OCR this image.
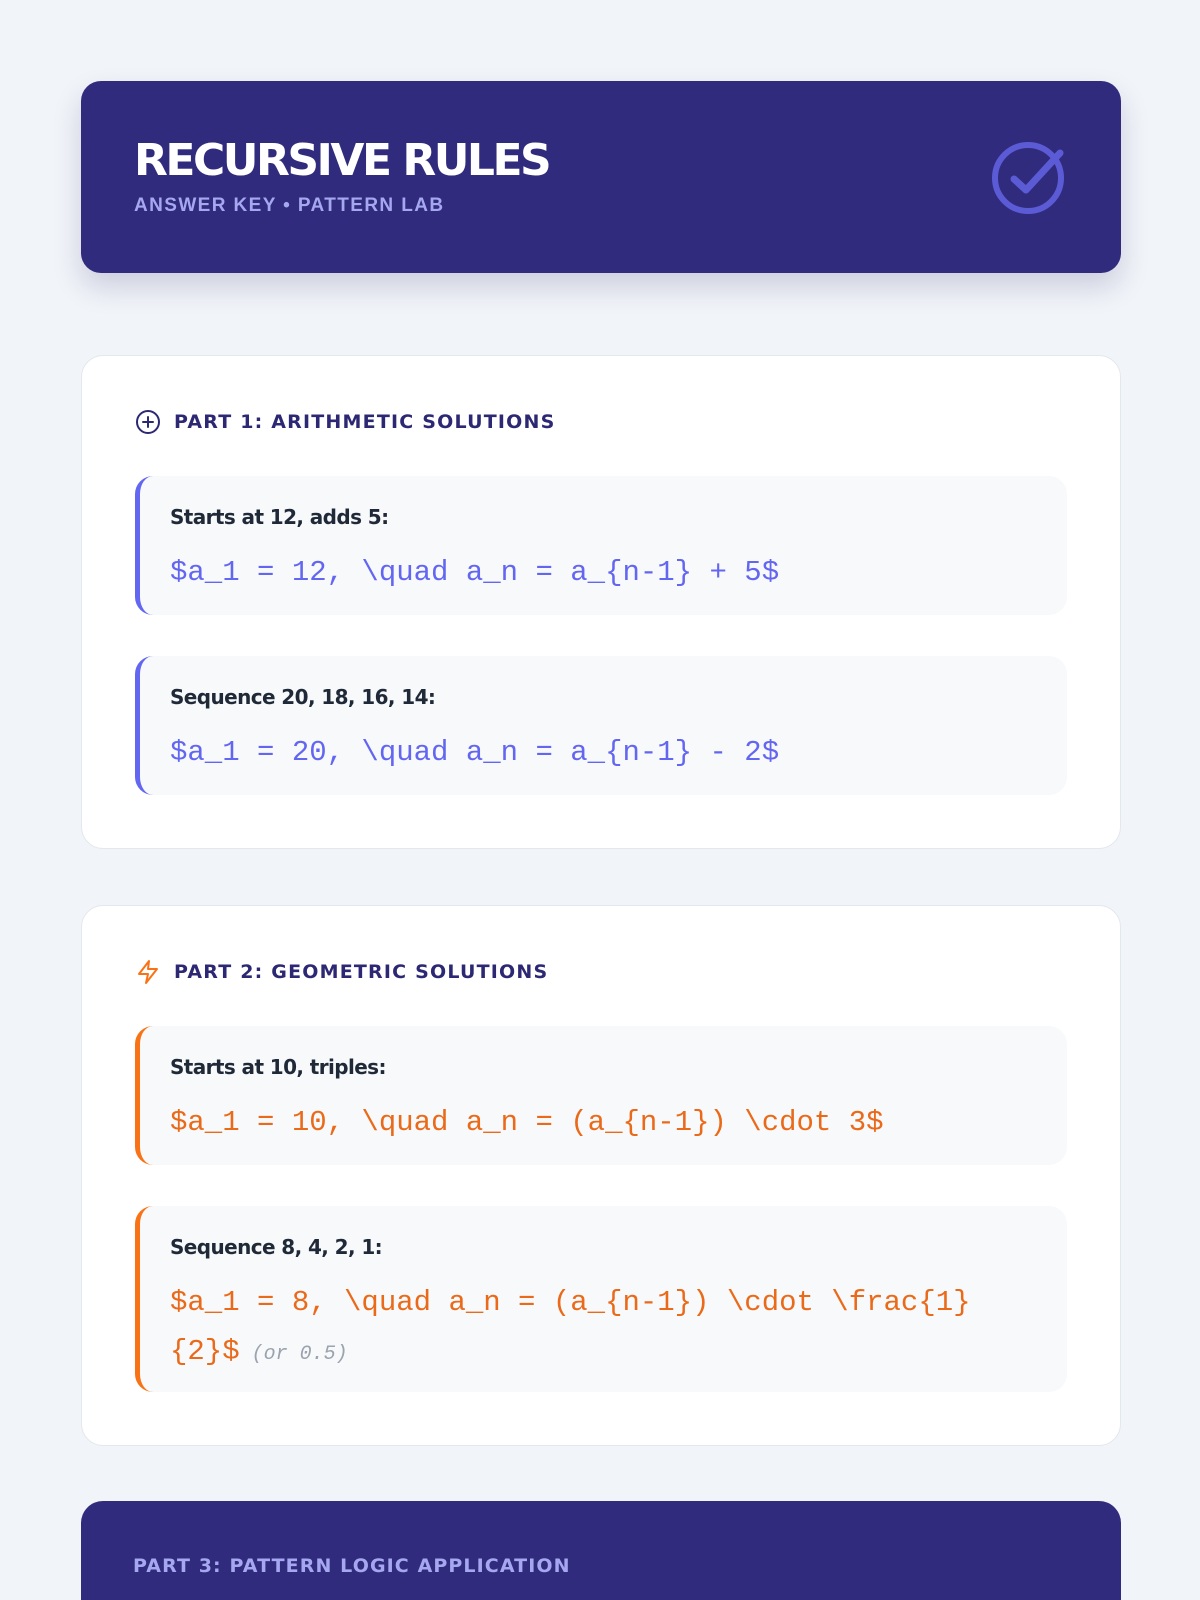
RECURSIVE RULES
ANSWER KEY • PATTERN LAB
PART 1: ARITHMETIC SOLUTIONS
Starts at 12, adds 5:
$a_1 = 12, \quad a_n = a_{n-1} + 5$
Sequence 20, 18, 16, 14:
$a_1 = 20, \quad a_n = a_{n-1} - 2$
PART 2: GEOMETRIC SOLUTIONS
Starts at 10, triples:
$a_1 = 10, \quad a_n = (a_{n-1}) \cdot 3$
Sequence 8, 4, 2, 1:
$a_1 = 8, \quad a_n = (a_{n-1}) \cdot \frac{1}{2}$ (or 0.5)
PART 3: PATTERN LOGIC APPLICATION
